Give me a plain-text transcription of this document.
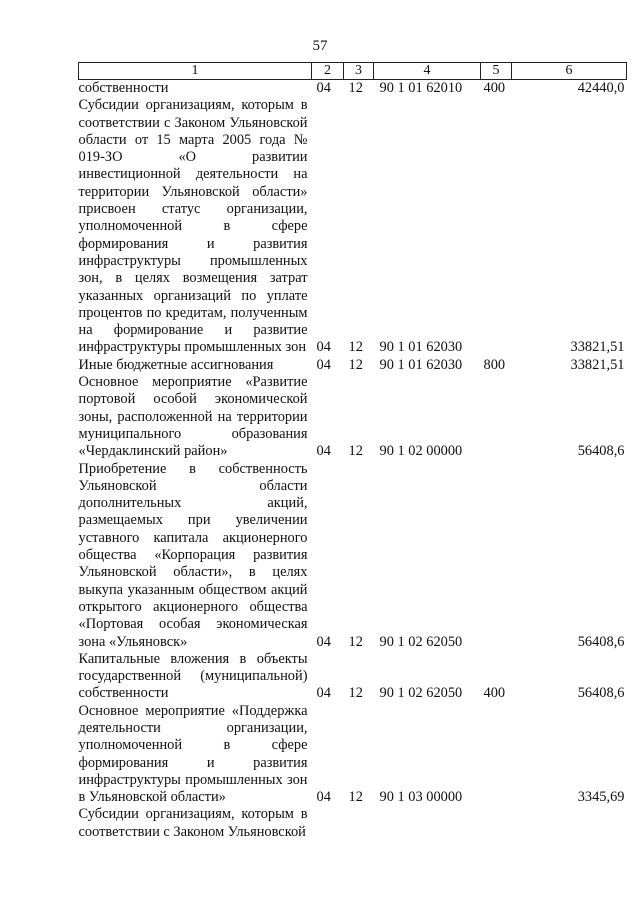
57
1	2	3	4	5	6
собственности	04	12	90 1 01 62010	400	42440,0
Субсидии организациям, которым в соответствии с Законом Ульяновской области от 15 марта 2005 года № 019-ЗО «О развитии инвестиционной деятельности на территории Ульяновской области» присвоен статус организации, уполномоченной в сфере формирования и развития инфраструктуры промышленных зон, в целях возмещения затрат указанных организаций по уплате процентов по кредитам, полученным на формирование и развитие инфраструктуры промышленных зон	04	12	90 1 01 62030		33821,51
Иные бюджетные ассигнования	04	12	90 1 01 62030	800	33821,51
Основное мероприятие «Развитие портовой особой экономической зоны, расположенной на территории муниципального образования «Чердаклинский район»	04	12	90 1 02 00000		56408,6
Приобретение в собственность Ульяновской области дополнительных акций, размещаемых при увеличении уставного капитала акционерного общества «Корпорация развития Ульяновской области», в целях выкупа указанным обществом акций открытого акционерного общества «Портовая особая экономическая зона «Ульяновск»	04	12	90 1 02 62050		56408,6
Капитальные вложения в объекты государственной (муниципальной) собственности	04	12	90 1 02 62050	400	56408,6
Основное мероприятие «Поддержка деятельности организации, уполномоченной в сфере формирования и развития инфраструктуры промышленных зон в Ульяновской области»	04	12	90 1 03 00000		3345,69
Субсидии организациям, которым в соответствии с Законом Ульяновской					
